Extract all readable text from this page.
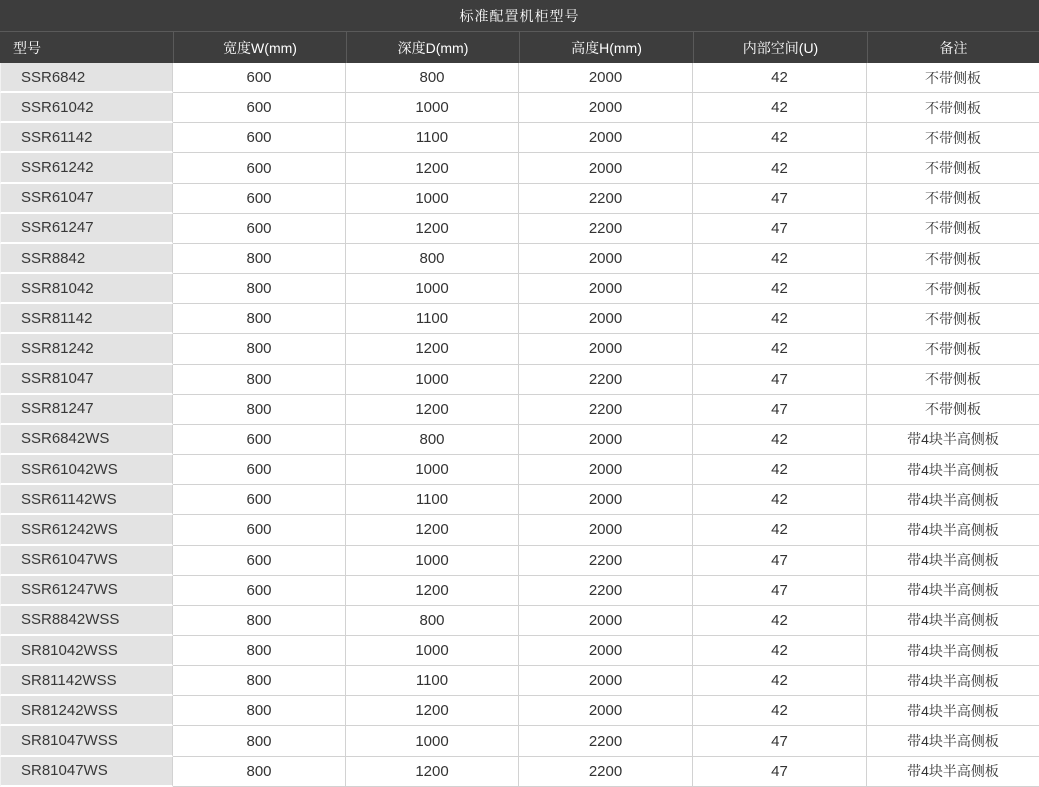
标准配置机柜型号					
型号	宽度W(mm)	深度D(mm)	高度H(mm)	内部空间(U)	备注
SSR6842	600	800	2000	42	不带侧板
SSR61042	600	1000	2000	42	不带侧板
SSR61142	600	1100	2000	42	不带侧板
SSR61242	600	1200	2000	42	不带侧板
SSR61047	600	1000	2200	47	不带侧板
SSR61247	600	1200	2200	47	不带侧板
SSR8842	800	800	2000	42	不带侧板
SSR81042	800	1000	2000	42	不带侧板
SSR81142	800	1100	2000	42	不带侧板
SSR81242	800	1200	2000	42	不带侧板
SSR81047	800	1000	2200	47	不带侧板
SSR81247	800	1200	2200	47	不带侧板
SSR6842WS	600	800	2000	42	带4块半高侧板
SSR61042WS	600	1000	2000	42	带4块半高侧板
SSR61142WS	600	1100	2000	42	带4块半高侧板
SSR61242WS	600	1200	2000	42	带4块半高侧板
SSR61047WS	600	1000	2200	47	带4块半高侧板
SSR61247WS	600	1200	2200	47	带4块半高侧板
SSR8842WSS	800	800	2000	42	带4块半高侧板
SR81042WSS	800	1000	2000	42	带4块半高侧板
SR81142WSS	800	1100	2000	42	带4块半高侧板
SR81242WSS	800	1200	2000	42	带4块半高侧板
SR81047WSS	800	1000	2200	47	带4块半高侧板
SR81047WS	800	1200	2200	47	带4块半高侧板
